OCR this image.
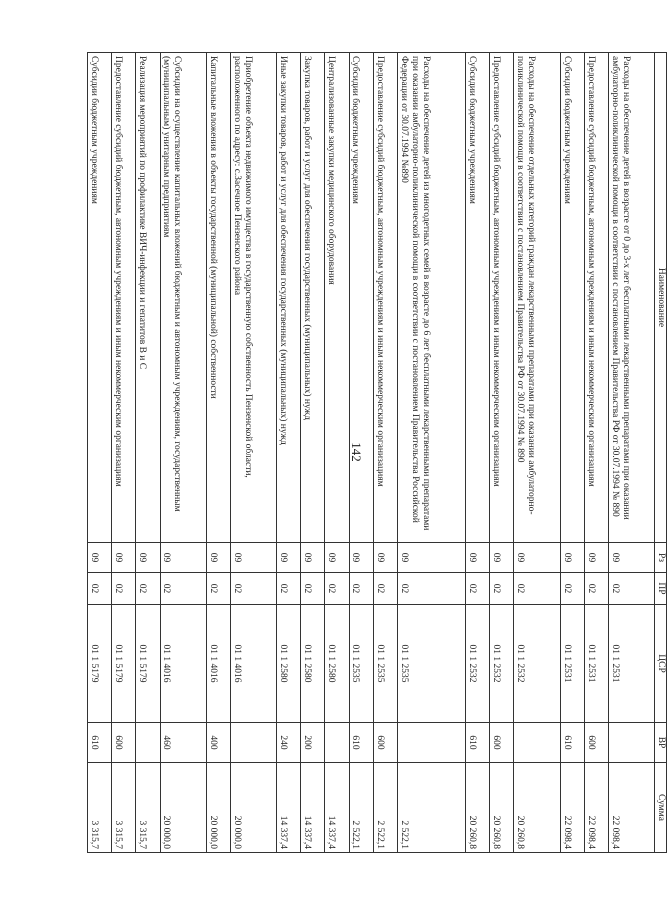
142
Наименование	Рз	ПР	ЦСР	ВР	Сумма
Расходы на обеспечение детей в возрасте от 0 до 3-х лет бесплатными лекарственными препаратами при оказании амбулаторно-поликлинической помощи в соответствии с постановлением Правительства РФ от 30.07.1994 № 890	09	02	01 1 2531		22 098,4
Предоставление субсидий бюджетным, автономным учреждениям и иным некоммерческим организациям	09	02	01 1 2531	600	22 098,4
Субсидии бюджетным учреждениям	09	02	01 1 2531	610	22 098,4
Расходы на обеспечение отдельных категорий граждан лекарственными препаратами при оказании амбулаторно-поликлинической помощи в соответствии с постановлением Правительства РФ от 30.07.1994 № 890	09	02	01 1 2532		20 260,8
Предоставление субсидий бюджетным, автономным учреждениям и иным некоммерческим организациям	09	02	01 1 2532	600	20 260,8
Субсидии бюджетным учреждениям	09	02	01 1 2532	610	20 260,8
Расходы на обеспечение детей из многодетных семей в возрасте до 6 лет бесплатными лекарственными препаратами при оказании амбулаторно-поликлинической помощи в соответствии с постановлением Правительства Российской Федерации от 30.07.1994 №890	09	02	01 1 2535		2 522,1
Предоставление субсидий бюджетным, автономным учреждениям и иным некоммерческим организациям	09	02	01 1 2535	600	2 522,1
Субсидии бюджетным учреждениям	09	02	01 1 2535	610	2 522,1
Централизованные закупки медицинского оборудования	09	02	01 1 2580		14 337,4
Закупка товаров, работ и услуг для обеспечения государственных (муниципальных) нужд	09	02	01 1 2580	200	14 337,4
Иные закупки товаров, работ и услуг для обеспечения государственных (муниципальных) нужд	09	02	01 1 2580	240	14 337,4
Приобретение объекта недвижимого имущества в государственную собственность Пензенской области, расположенного по адресу: с.Засечное Пензенского района	09	02	01 1 4016		20 000,0
Капитальные вложения в объекты государственной (муниципальной) собственности	09	02	01 1 4016	400	20 000,0
Субсидии на осуществление капитальных вложений бюджетным и автономным учреждениям, государственным (муниципальным) унитарным предприятиям	09	02	01 1 4016	460	20 000,0
Реализация мероприятий по профилактике ВИЧ-инфекции и гепатитов В и С	09	02	01 1 5179		3 315,7
Предоставление субсидий бюджетным, автономным учреждениям и иным некоммерческим организациям	09	02	01 1 5179	600	3 315,7
Субсидии бюджетным учреждениям	09	02	01 1 5179	610	3 315,7
